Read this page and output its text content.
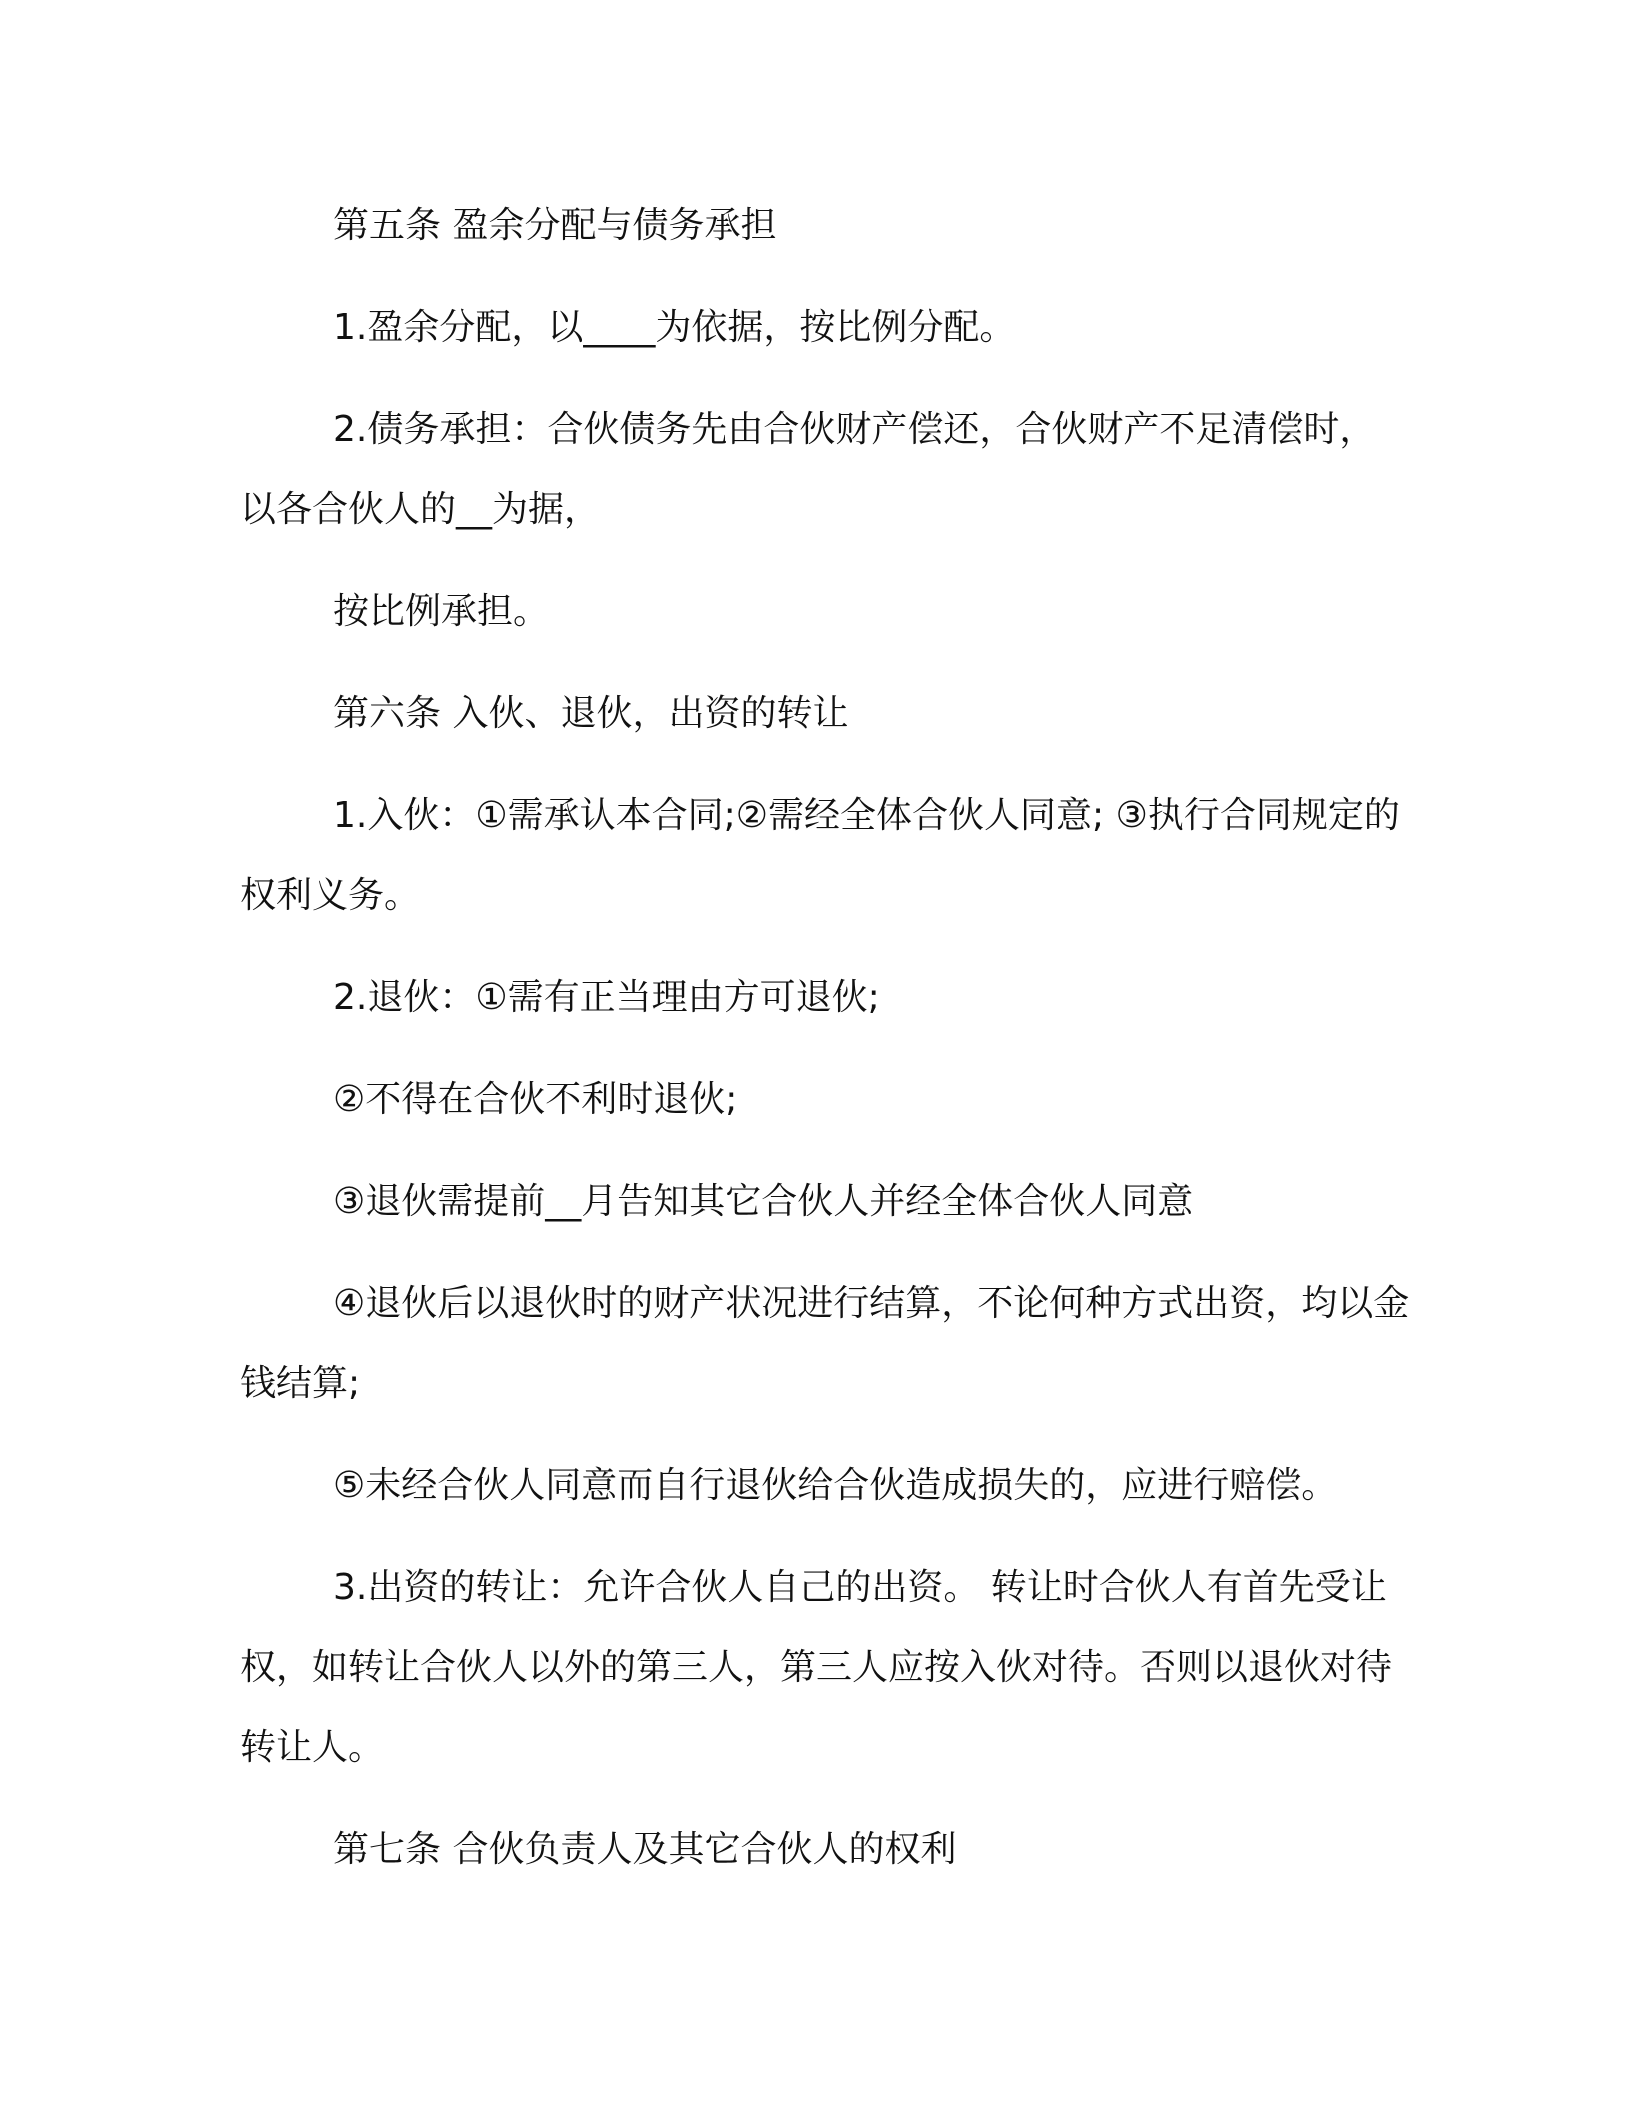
第五条 盈余分配与债务承担

1.盈余分配，以____为依据，按比例分配。

2.债务承担：合伙债务先由合伙财产偿还，合伙财产不足清偿时，以各合伙人的__为据，

按比例承担。

第六条 入伙、退伙，出资的转让

1.入伙：①需承认本合同;②需经全体合伙人同意; ③执行合同规定的权利义务。

2.退伙：①需有正当理由方可退伙;

②不得在合伙不利时退伙;

③退伙需提前__月告知其它合伙人并经全体合伙人同意

④退伙后以退伙时的财产状况进行结算，不论何种方式出资，均以金钱结算;

⑤未经合伙人同意而自行退伙给合伙造成损失的，应进行赔偿。

3.出资的转让：允许合伙人自己的出资。 转让时合伙人有首先受让权，如转让合伙人以外的第三人，第三人应按入伙对待。否则以退伙对待转让人。

第七条 合伙负责人及其它合伙人的权利
